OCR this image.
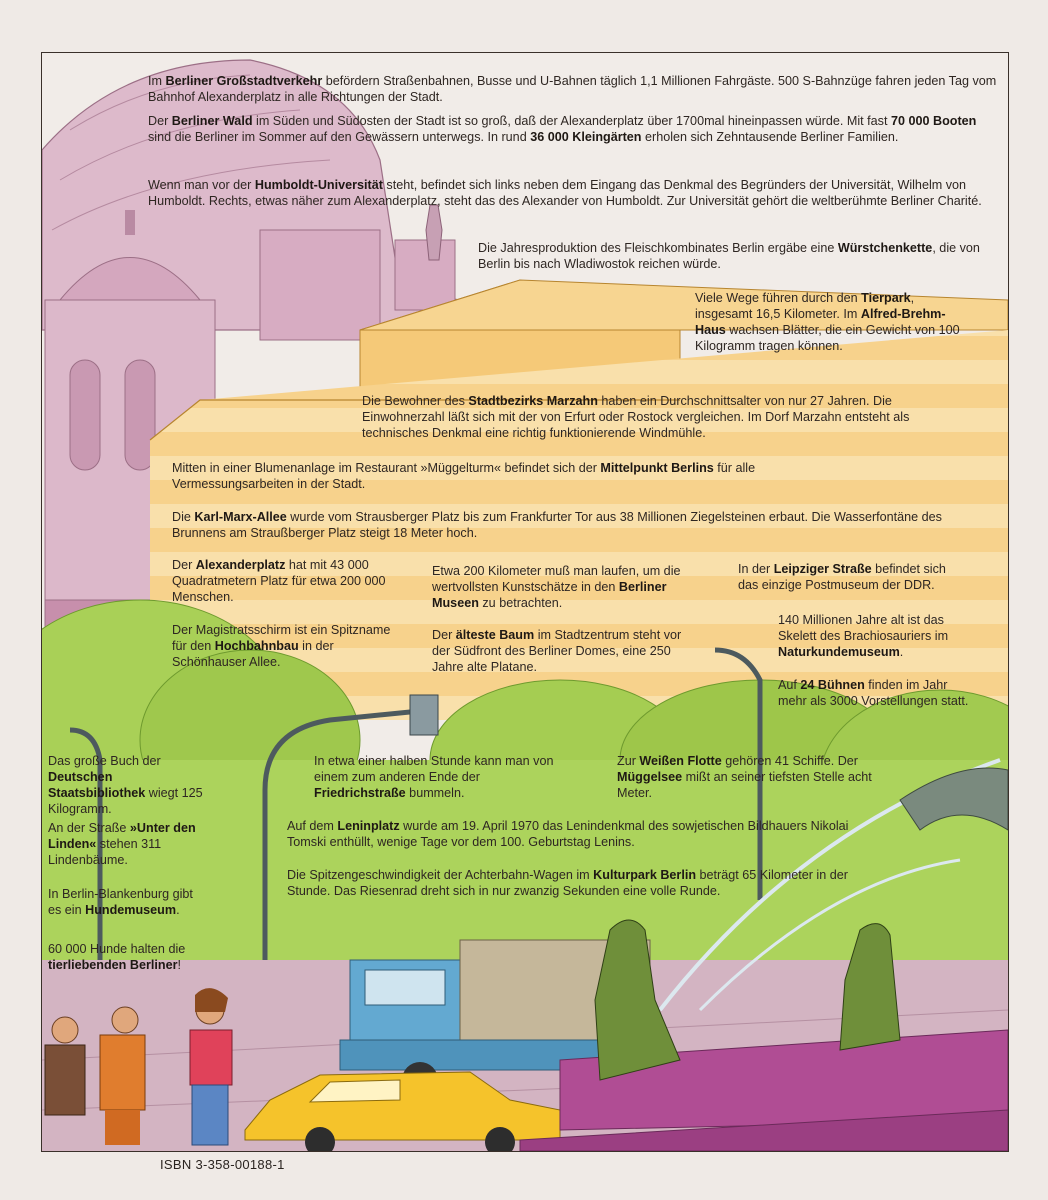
Im Berliner Großstadtverkehr befördern Straßenbahnen, Busse und U-Bahnen täglich 1,1 Millionen Fahrgäste. 500 S-Bahnzüge fahren jeden Tag vom Bahnhof Alexanderplatz in alle Richtungen der Stadt.

Der Berliner Wald im Süden und Südosten der Stadt ist so groß, daß der Alexanderplatz über 1700mal hineinpassen würde. Mit fast 70 000 Booten sind die Berliner im Sommer auf den Gewässern unterwegs. In rund 36 000 Kleingärten erholen sich Zehntausende Berliner Familien.

Wenn man vor der Humboldt-Universität steht, befindet sich links neben dem Eingang das Denkmal des Begründers der Universität, Wilhelm von Humboldt. Rechts, etwas näher zum Alexanderplatz, steht das des Alexander von Humboldt. Zur Universität gehört die weltberühmte Berliner Charité.

Die Jahresproduktion des Fleischkombinates Berlin ergäbe eine Würstchenkette, die von Berlin bis nach Wladiwostok reichen würde.

Viele Wege führen durch den Tierpark, insgesamt 16,5 Kilometer. Im Alfred-Brehm-Haus wachsen Blätter, die ein Gewicht von 100 Kilogramm tragen können.

Die Bewohner des Stadtbezirks Marzahn haben ein Durchschnittsalter von nur 27 Jahren. Die Einwohnerzahl läßt sich mit der von Erfurt oder Rostock vergleichen. Im Dorf Marzahn entsteht als technisches Denkmal eine richtig funktionierende Windmühle.

Mitten in einer Blumenanlage im Restaurant »Müggelturm« befindet sich der Mittelpunkt Berlins für alle Vermessungsarbeiten in der Stadt.

Die Karl-Marx-Allee wurde vom Strausberger Platz bis zum Frankfurter Tor aus 38 Millionen Ziegelsteinen erbaut. Die Wasserfontäne des Brunnens am Straußberger Platz steigt 18 Meter hoch.

Der Alexanderplatz hat mit 43 000 Quadratmetern Platz für etwa 200 000 Menschen.

Der Magistratsschirm ist ein Spitzname für den Hochbahnbau in der Schönhauser Allee.

Etwa 200 Kilometer muß man laufen, um die wertvollsten Kunstschätze in den Berliner Museen zu betrachten.

Der älteste Baum im Stadtzentrum steht vor der Südfront des Berliner Domes, eine 250 Jahre alte Platane.

In der Leipziger Straße befindet sich das einzige Postmuseum der DDR.

140 Millionen Jahre alt ist das Skelett des Brachiosauriers im Naturkundemuseum.

Auf 24 Bühnen finden im Jahr mehr als 3000 Vorstellungen statt.

Das große Buch der Deutschen Staatsbibliothek wiegt 125 Kilogramm.

An der Straße »Unter den Linden« stehen 311 Lindenbäume.

In Berlin-Blankenburg gibt es ein Hundemuseum.

60 000 Hunde halten die tierliebenden Berliner!

In etwa einer halben Stunde kann man von einem zum anderen Ende der Friedrichstraße bummeln.

Zur Weißen Flotte gehören 41 Schiffe. Der Müggelsee mißt an seiner tiefsten Stelle acht Meter.

Auf dem Leninplatz wurde am 19. April 1970 das Lenindenkmal des sowjetischen Bildhauers Nikolai Tomski enthüllt, wenige Tage vor dem 100. Geburtstag Lenins.

Die Spitzengeschwindigkeit der Achterbahn-Wagen im Kulturpark Berlin beträgt 65 Kilometer in der Stunde. Das Riesenrad dreht sich in nur zwanzig Sekunden eine volle Runde.

ISBN 3-358-00188-1
